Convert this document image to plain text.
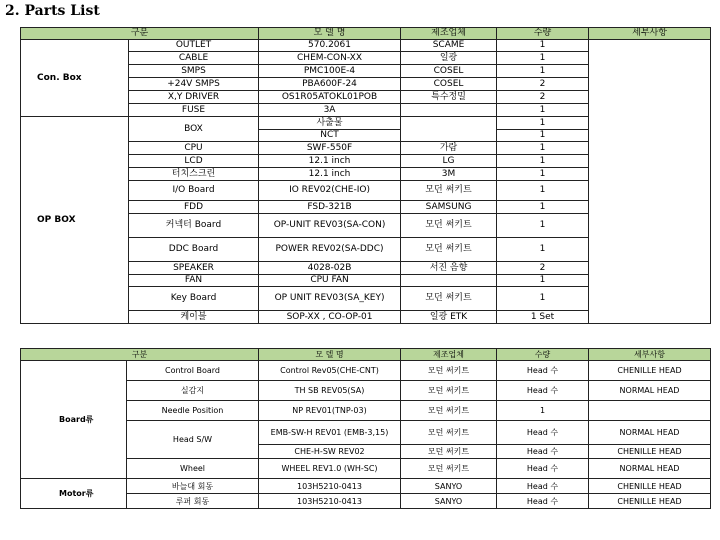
2. Parts List
구분		모 델 명	제조업체	수량	세부사항
Con. Box	OUTLET	570.2061	SCAME	1	
	CABLE	CHEM-CON-XX	일광	1	
	SMPS	PMC100E-4	COSEL	1	
	+24V SMPS	PBA600F-24	COSEL	2	
	X,Y DRIVER	OS1R05ATOKL01POB	특수정밀	2	
	FUSE	3A		1	
OP BOX	BOX	사출물		1	
		NCT		1	
	CPU	SWF-550F	가람	1	
	LCD	12.1 inch	LG	1	
	터치스크린	12.1 inch	3M	1	
	I/O Board	IO REV02(CHE-IO)	모던 써키트	1	
	FDD	FSD-321B	SAMSUNG	1	
	커넥터 Board	OP-UNIT REV03(SA-CON)	모던 써키트	1	
	DDC Board	POWER REV02(SA-DDC)	모던 써키트	1	
	SPEAKER	4028-02B	서진 음향	2	
	FAN	CPU FAN		1	
	Key Board	OP UNIT REV03(SA_KEY)	모던 써키트	1	
	케이블	SOP-XX , CO-OP-01	일광 ETK	1 Set	
구분		모 델 명	제조업체	수량	세부사항
Board류	Control Board	Control Rev05(CHE-CNT)	모던 써키트	Head 수	CHENILLE HEAD
	실감지	TH SB REV05(SA)	모던 써키트	Head 수	NORMAL HEAD
	Needle Position	NP REV01(TNP-03)	모던 써키트	1	
	Head S/W	EMB-SW-H REV01 (EMB-3,15)	모던 써키트	Head 수	NORMAL HEAD
		CHE-H-SW REV02	모던 써키트	Head 수	CHENILLE HEAD
	Wheel	WHEEL REV1.0 (WH-SC)	모던 써키트	Head 수	NORMAL HEAD
Motor류	바늘대 회동	103H5210-0413	SANYO	Head 수	CHENILLE HEAD
	루퍼 회동	103H5210-0413	SANYO	Head 수	CHENILLE HEAD
